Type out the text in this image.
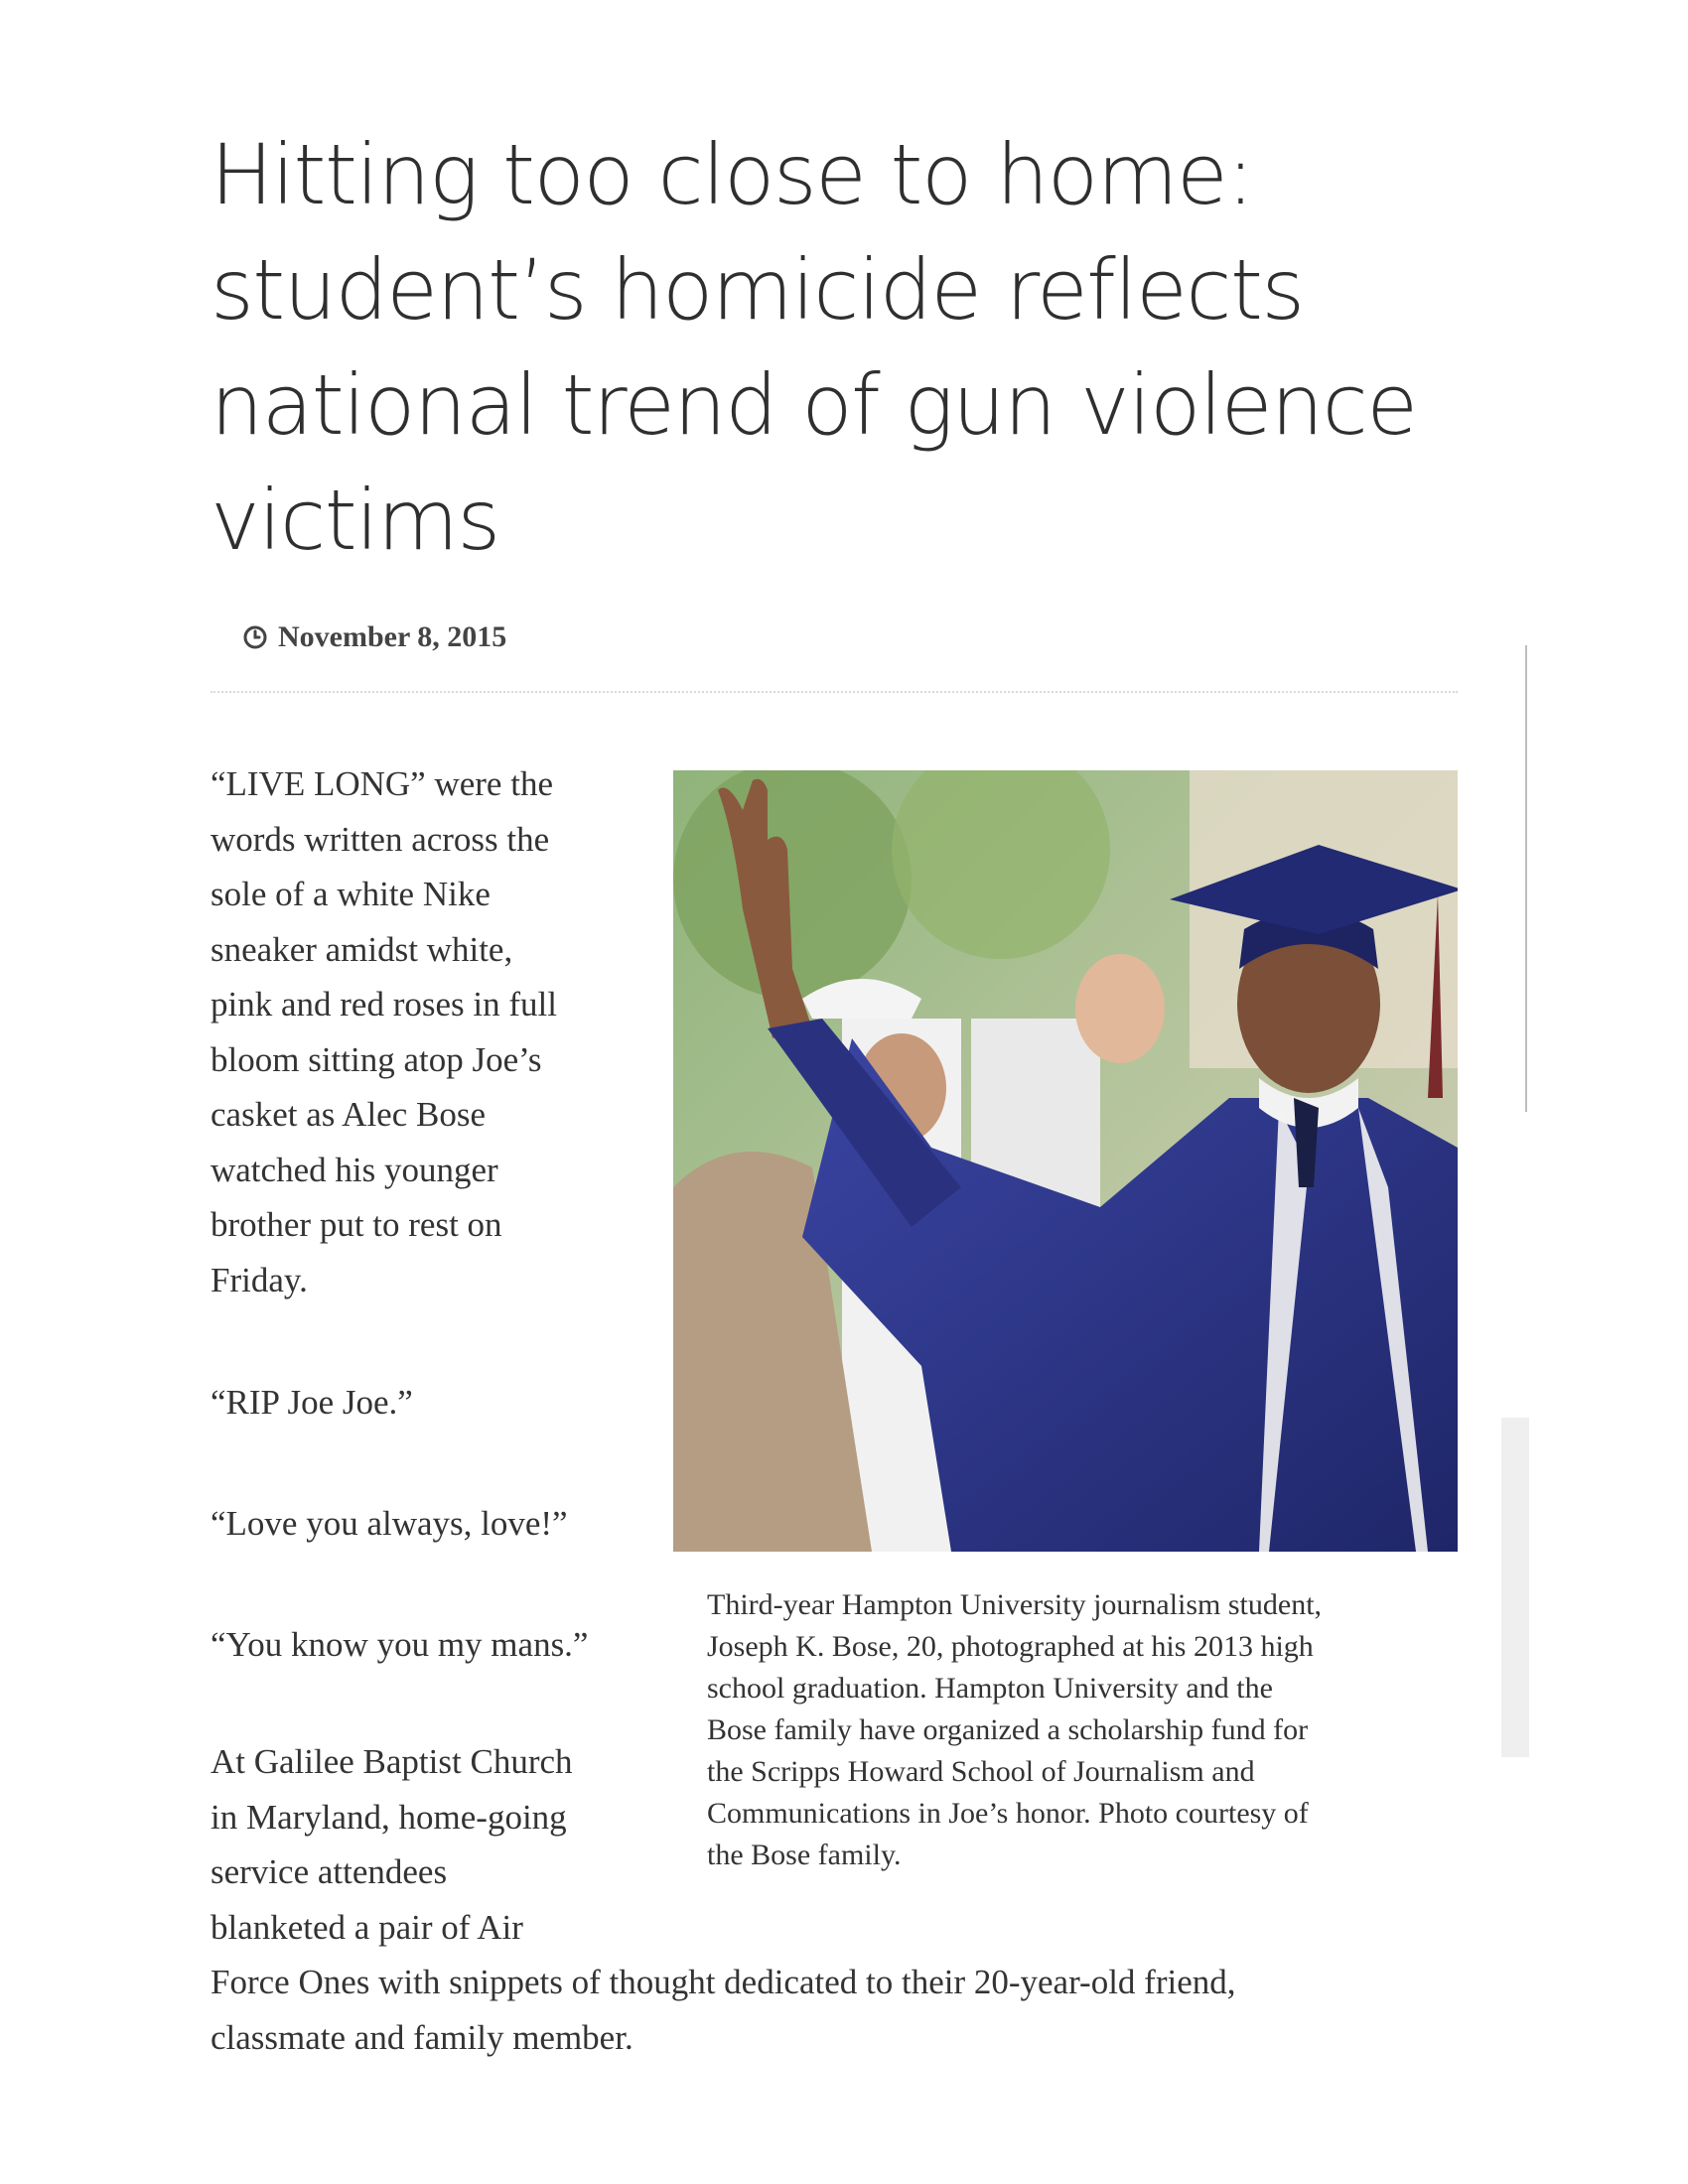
Hitting too close to home:
student’s homicide reflects
national trend of gun violence
victims
November 8, 2015

“LIVE LONG” were the
words written across the
sole of a white Nike
sneaker amidst white,
pink and red roses in full
bloom sitting atop Joe’s
casket as Alec Bose
watched his younger
brother put to rest on
Friday.

“RIP Joe Joe.”

“Love you always, love!”

“You know you my mans.”

At Galilee Baptist Church
in Maryland, home-going
service attendees
blanketed a pair of Air
Force Ones with snippets of thought dedicated to their 20-year-old friend,
classmate and family member.

Third-year Hampton University journalism student,
Joseph K. Bose, 20, photographed at his 2013 high
school graduation. Hampton University and the
Bose family have organized a scholarship fund for
the Scripps Howard School of Journalism and
Communications in Joe’s honor. Photo courtesy of
the Bose family.
